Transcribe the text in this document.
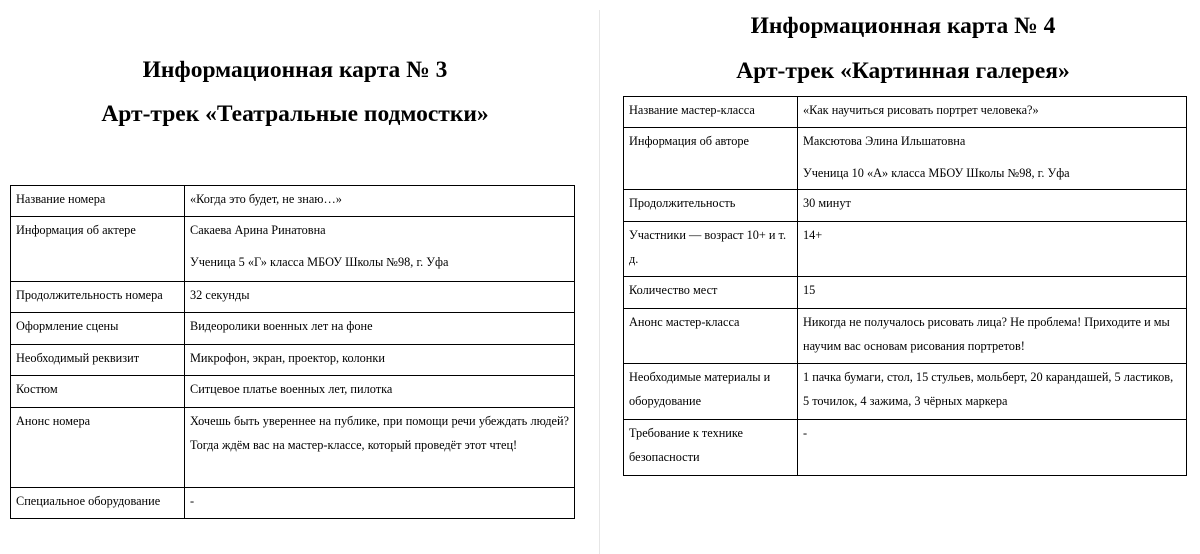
Информационная карта № 3
Арт-трек «Театральные подмостки»
Название номера	«Когда это будет, не знаю…»
Информация об актере	Сакаева Арина Ринатовна
Ученица 5 «Г» класса МБОУ Школы №98, г. Уфа

Продолжительность номера	32 секунды
Оформление сцены	Видеоролики военных лет на фоне
Необходимый реквизит	Микрофон, экран, проектор, колонки
Костюм	Ситцевое платье военных лет, пилотка
Анонс номера	Хочешь быть увереннее на публике, при помощи речи убеждать людей? Тогда ждём вас на мастер-классе, который проведёт этот чтец!
Специальное оборудование	-
Информационная карта № 4
Арт-трек «Картинная галерея»
Название мастер-класса	«Как научиться рисовать портрет человека?»
Информация об авторе	Максютова Элина Ильшатовна
Ученица 10 «А» класса МБОУ Школы №98, г. Уфа

Продолжительность	30 минут
Участники — возраст 10+ и т. д.	14+
Количество мест	15
Анонс мастер-класса	Никогда не получалось рисовать лица? Не проблема! Приходите и мы научим вас основам рисования портретов!
Необходимые материалы и оборудование	1 пачка бумаги, стол, 15 стульев, мольберт, 20 карандашей, 5 ластиков, 5 точилок, 4 зажима, 3 чёрных маркера
Требование к технике безопасности	-
